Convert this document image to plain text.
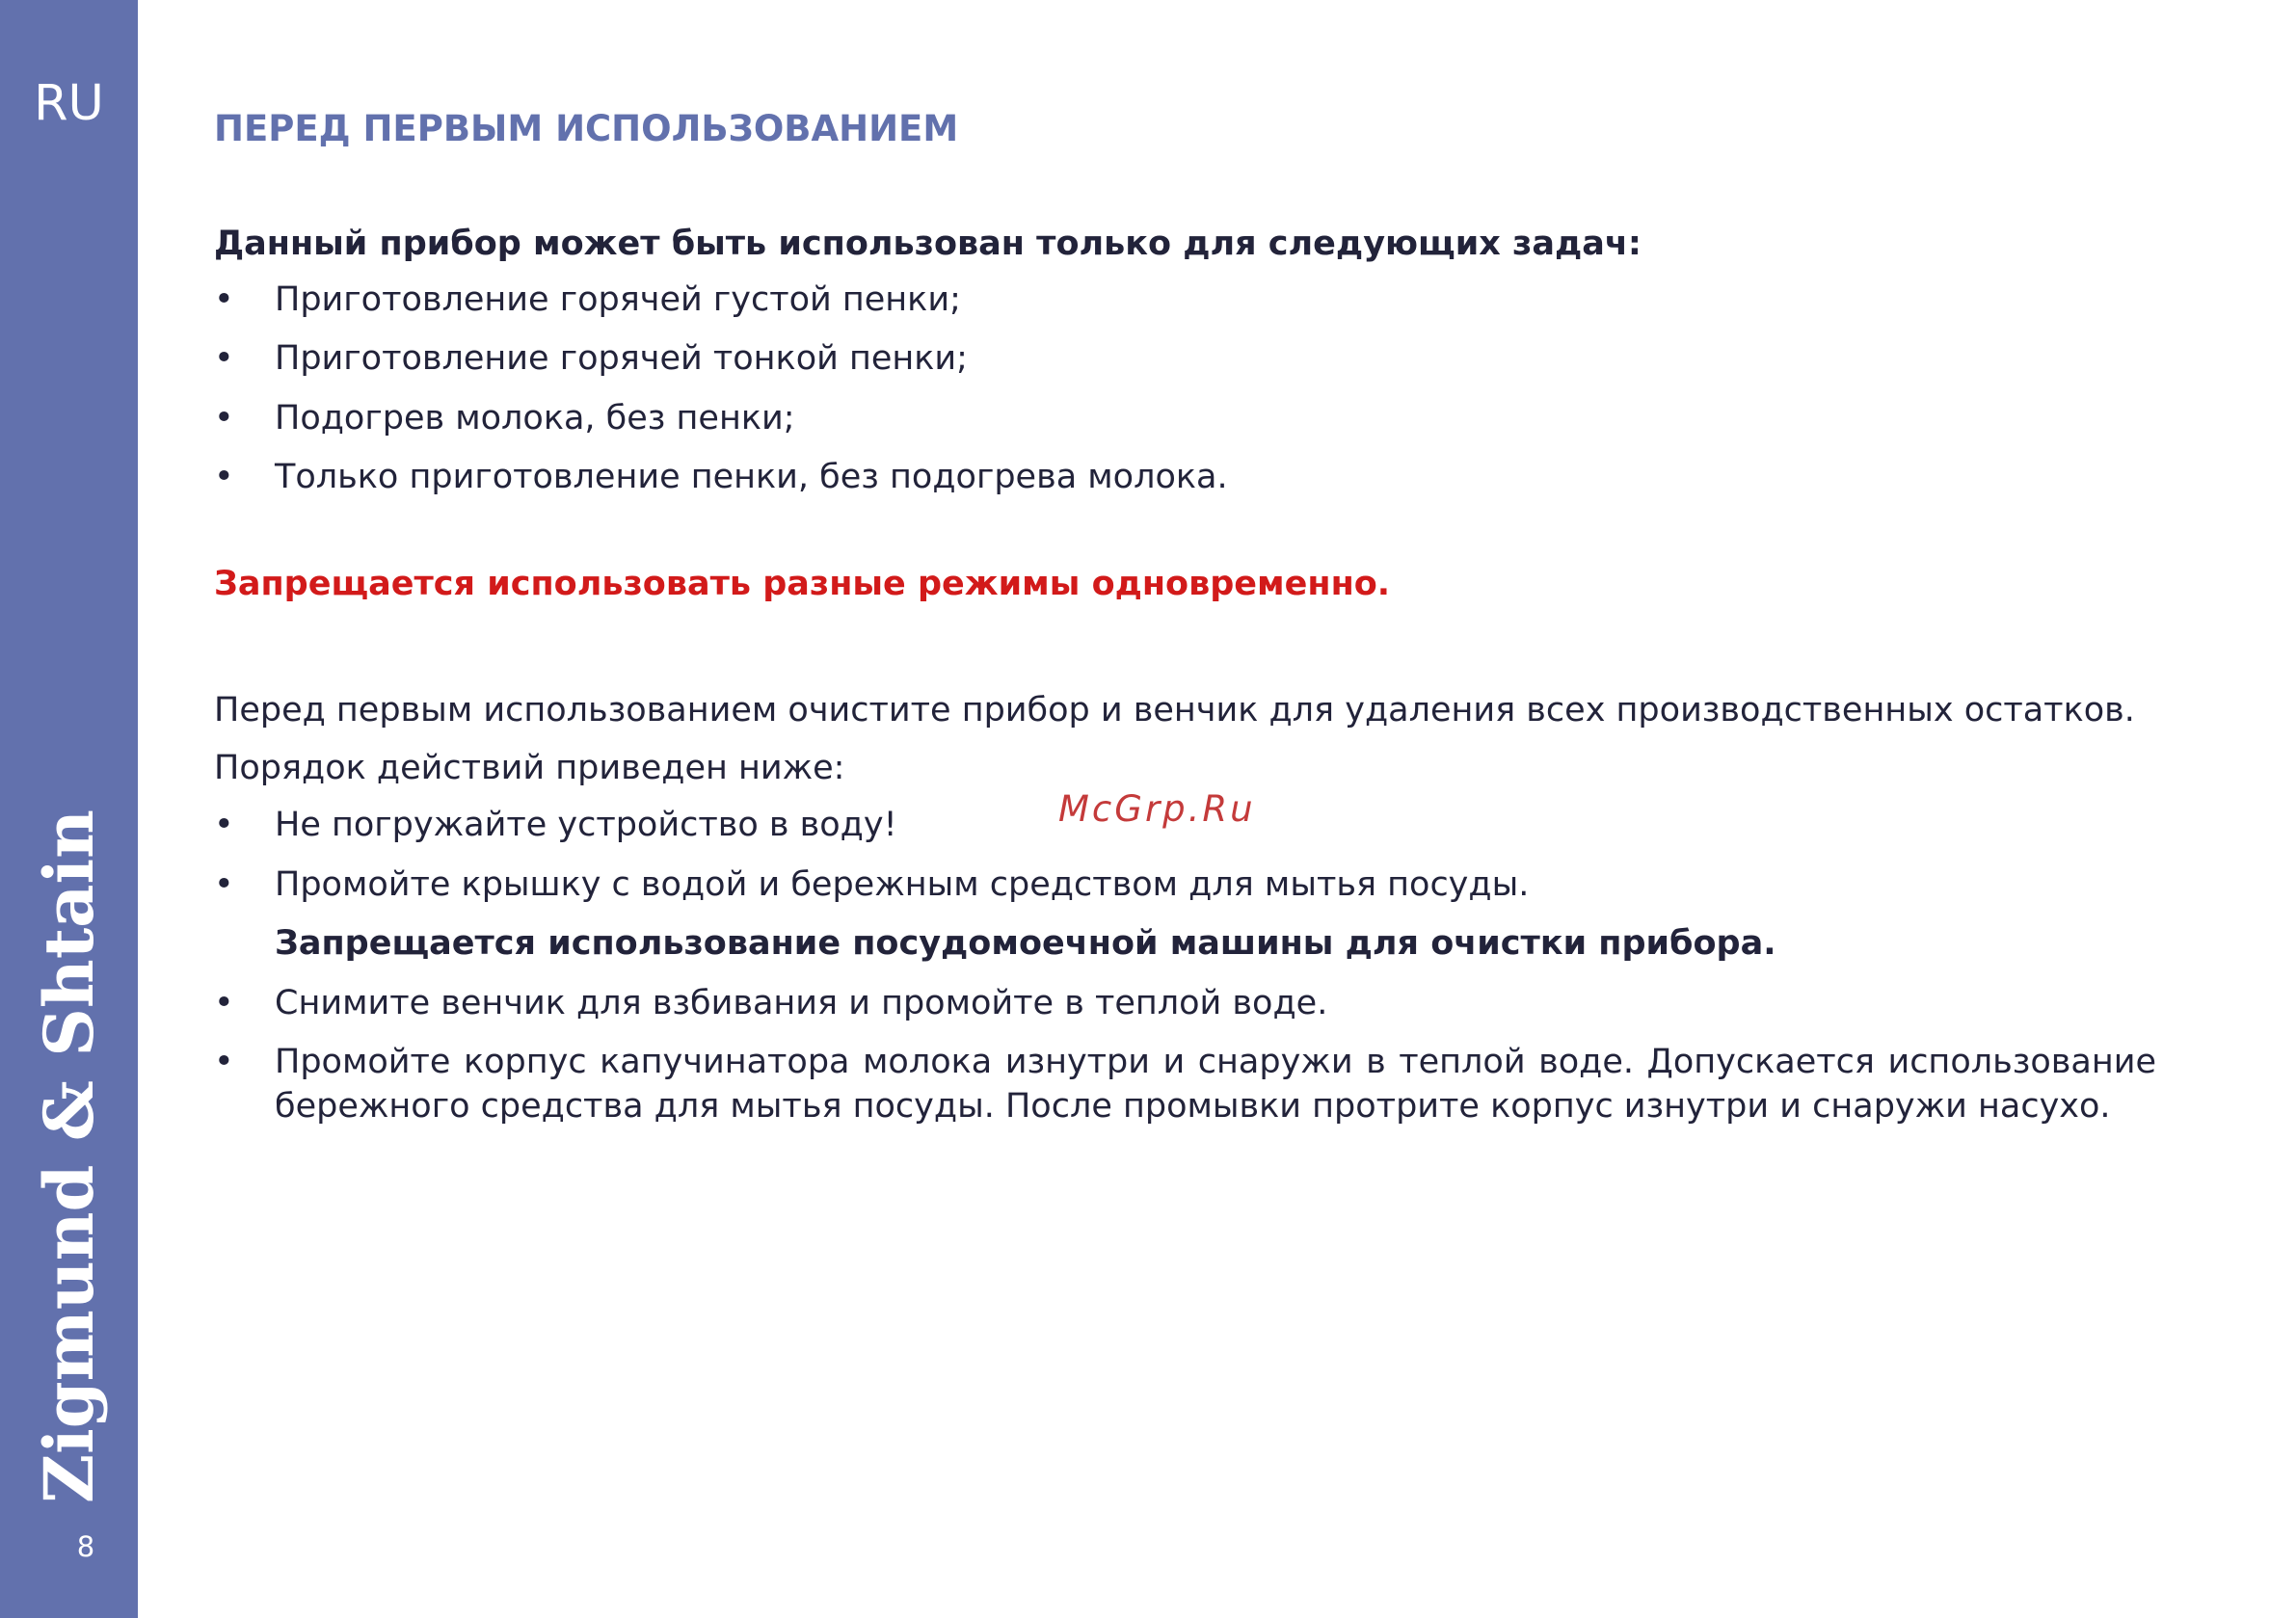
RU
Zigmund & Shtain
8
McGrp.Ru
ПЕРЕД ПЕРВЫМ ИСПОЛЬЗОВАНИЕМ
Данный прибор может быть использован только для следующих задач:
• Приготовление горячей густой пенки;
• Приготовление горячей тонкой пенки;
• Подогрев молока, без пенки;
• Только приготовление пенки, без подогрева молока.
Запрещается использовать разные режимы одновременно.
Перед первым использованием очистите прибор и венчик для удаления всех производственных остатков.
Порядок действий приведен ниже:
• Не погружайте устройство в воду!
• Промойте крышку с водой и бережным средством для мытья посуды.
Запрещается использование посудомоечной машины для очистки прибора.
• Снимите венчик для взбивания и промойте в теплой воде.
• Промойте корпус капучинатора молока изнутри и снаружи в теплой воде. Допускается использование
бережного средства для мытья посуды. После промывки протрите корпус изнутри и снаружи насухо.
